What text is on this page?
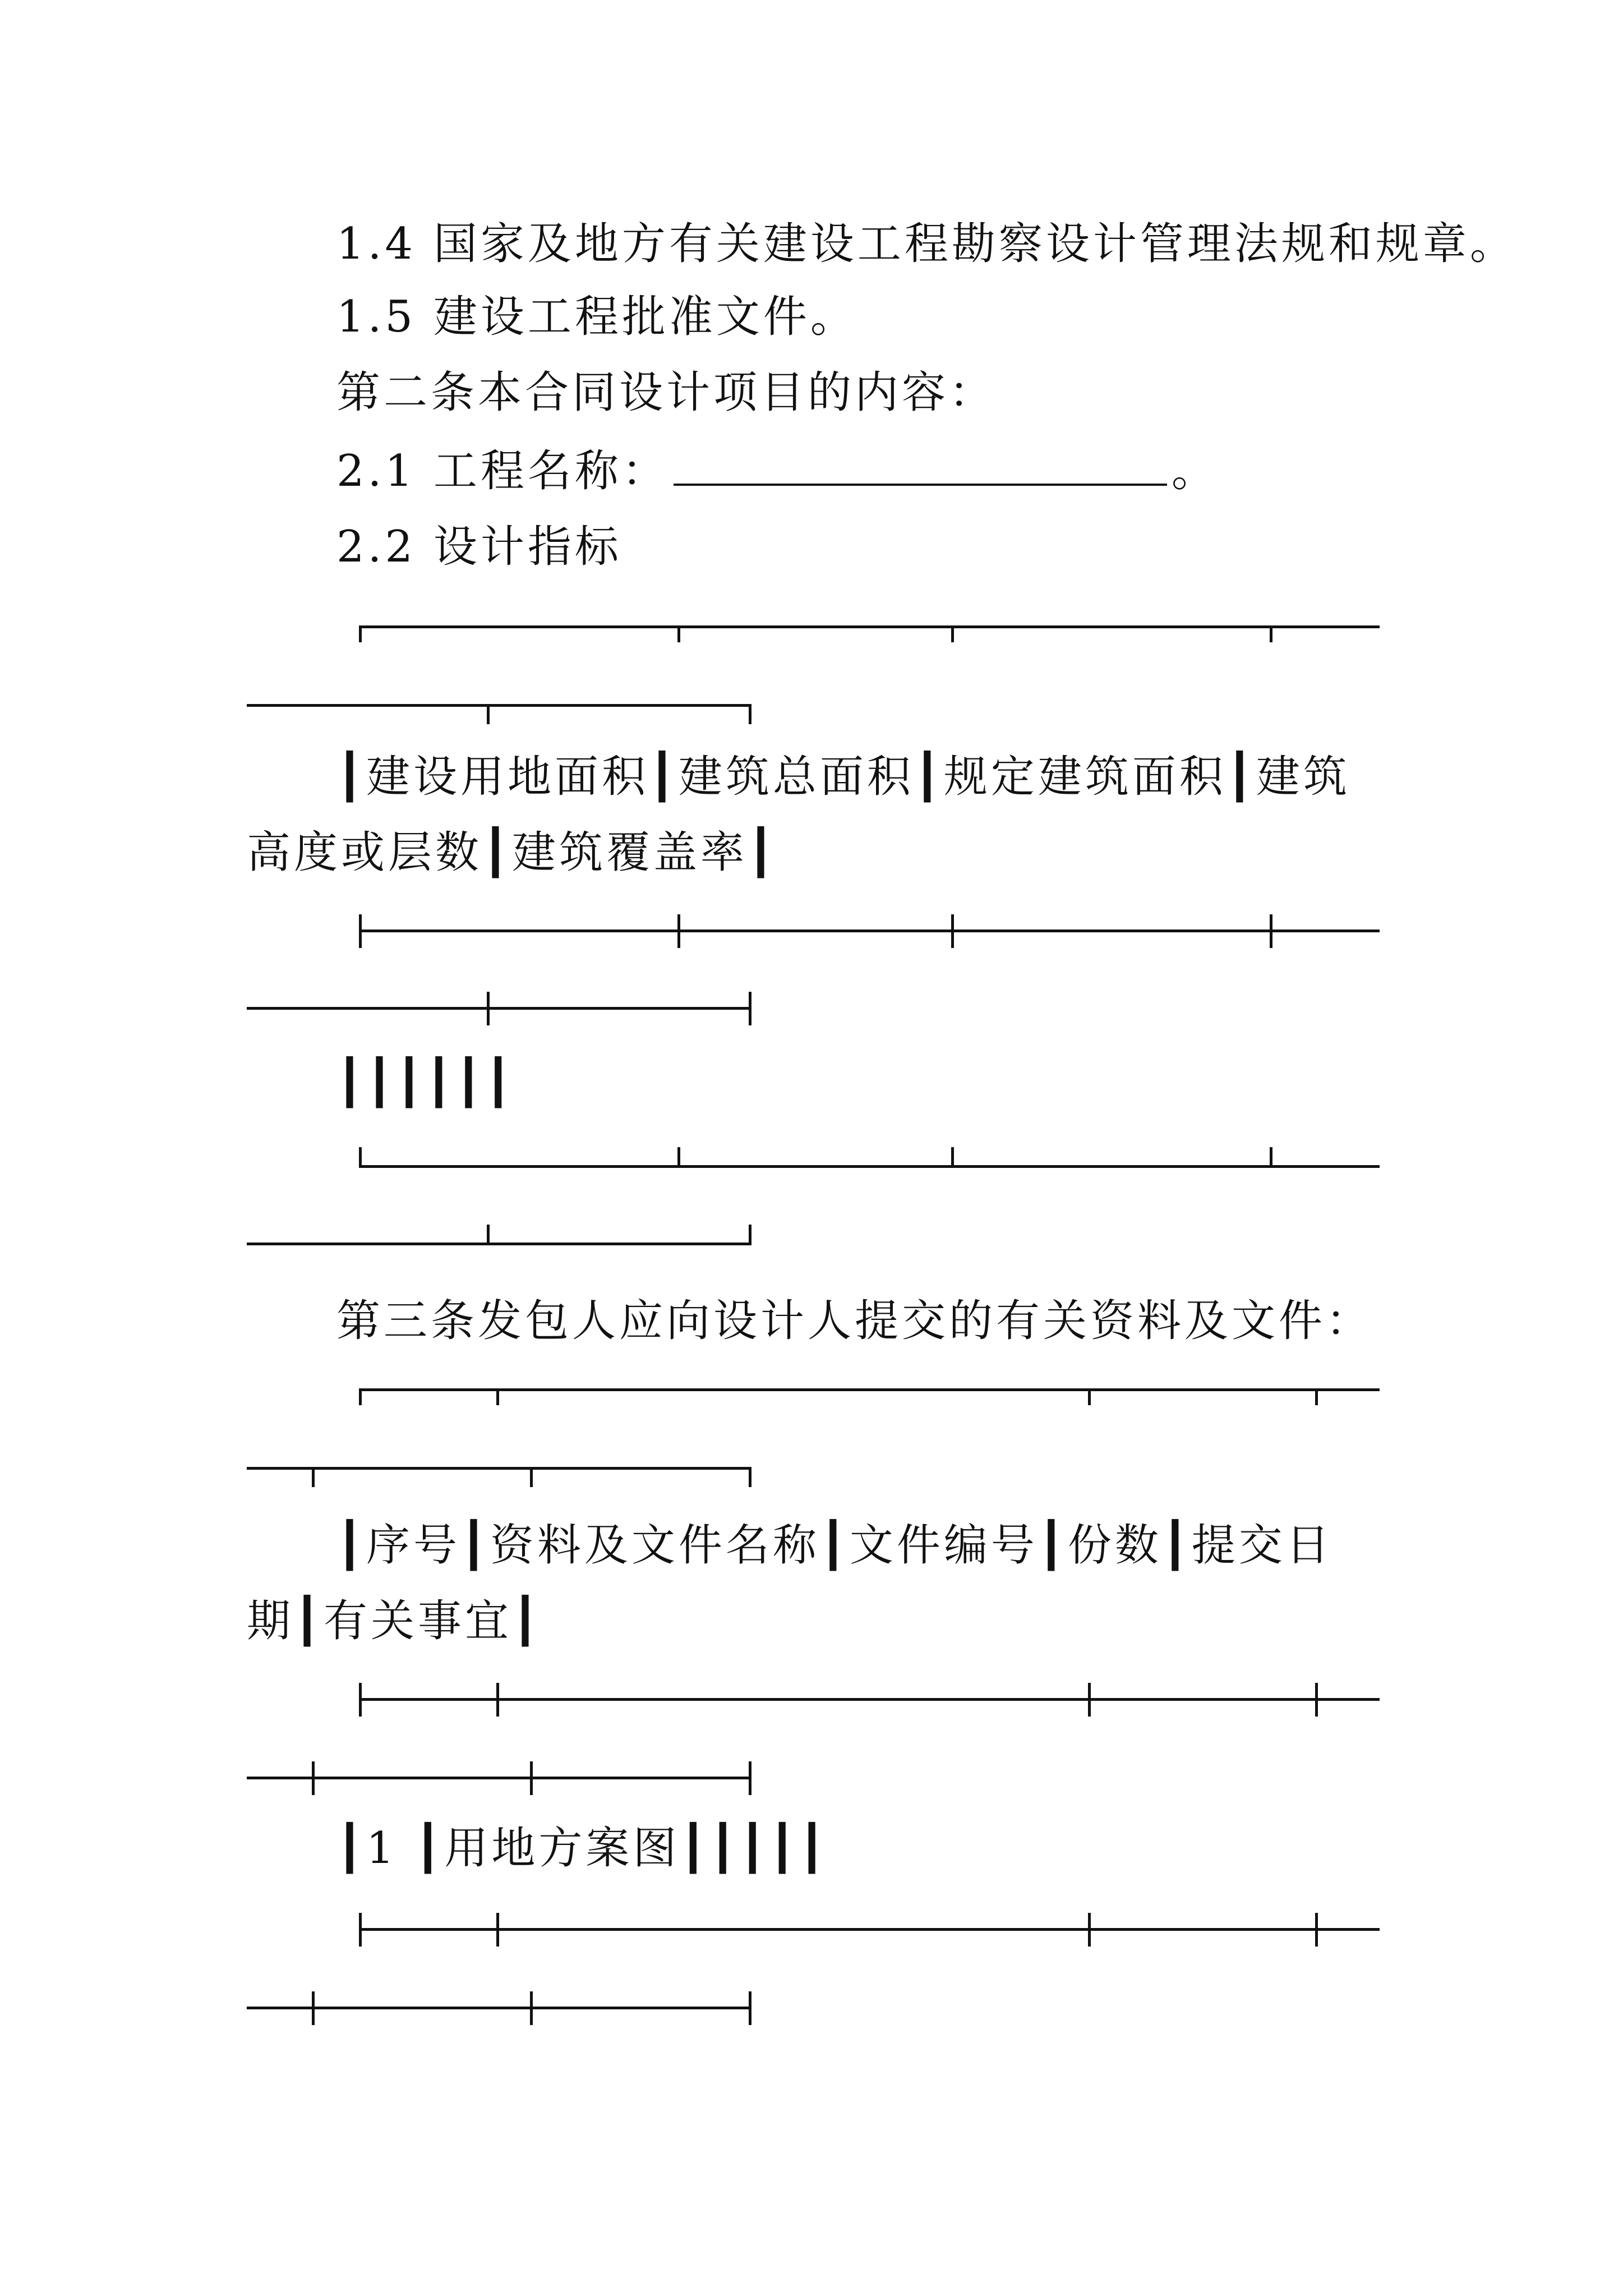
1.4 国家及地方有关建设工程勘察设计管理法规和规章。
1.5 建设工程批准文件。
第二条本合同设计项目的内容：
2.1 工程名称：	。
2.2 设计指标
┃建设用地面积┃建筑总面积┃规定建筑面积┃建筑
高度或层数┃建筑覆盖率┃
┃┃┃┃┃┃
第三条发包人应向设计人提交的有关资料及文件：
┃序号┃资料及文件名称┃文件编号┃份数┃提交日
期┃有关事宜┃
┃1 ┃用地方案图┃┃┃┃┃
